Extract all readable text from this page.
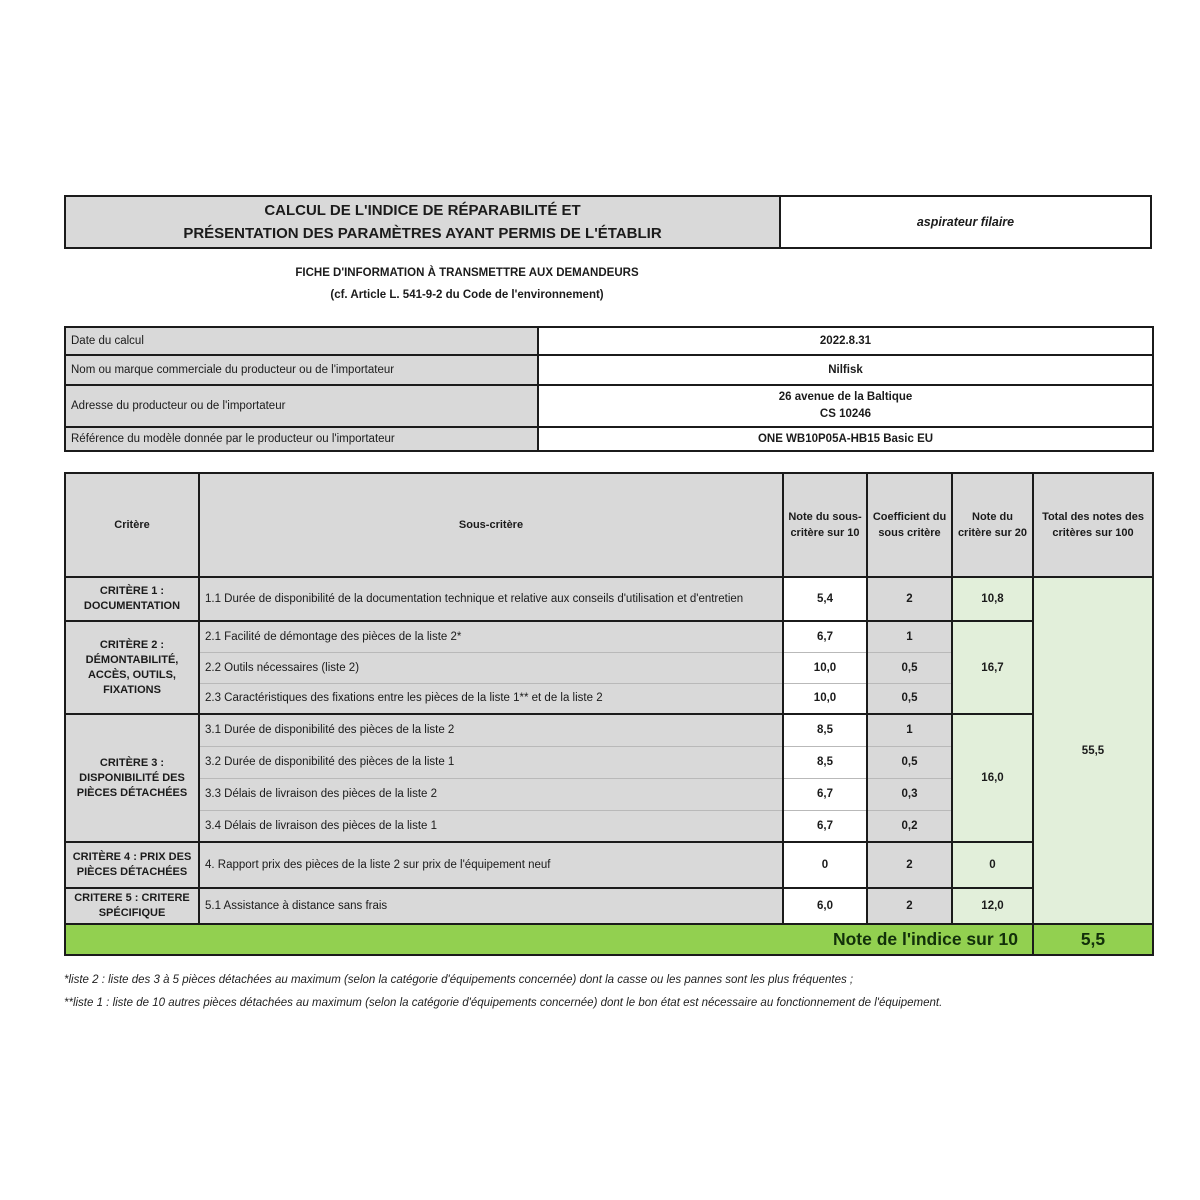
CALCUL DE L'INDICE DE RÉPARABILITÉ ET
PRÉSENTATION DES PARAMÈTRES AYANT PERMIS DE L'ÉTABLIR
aspirateur filaire
FICHE D'INFORMATION À TRANSMETTRE AUX DEMANDEURS
(cf. Article L. 541-9-2 du Code de l'environnement)
Date du calcul	2022.8.31
Nom ou marque commerciale du producteur ou de l'importateur	Nilfisk
Adresse du producteur ou de l'importateur	26 avenue de la Baltique
CS 10246

Référence du modèle donnée par le producteur ou l'importateur	ONE WB10P05A-HB15 Basic EU
Critère	Sous-critère	Note du sous-critère sur 10	Coefficient du sous critère	Note du critère sur 20	Total des notes des critères sur 100
CRITÈRE 1 : DOCUMENTATION	1.1 Durée de disponibilité de la documentation technique et relative aux conseils d'utilisation et d'entretien	5,4	2	10,8	55,5
CRITÈRE 2 : DÉMONTABILITÉ, ACCÈS, OUTILS, FIXATIONS	2.1 Facilité de démontage des pièces de la liste 2*	6,7	1	16,7	
	2.2 Outils nécessaires (liste 2)	10,0	0,5		
	2.3 Caractéristiques des fixations entre les pièces de la liste 1** et de la liste 2	10,0	0,5		
CRITÈRE 3 : DISPONIBILITÉ DES PIÈCES DÉTACHÉES	3.1 Durée de disponibilité des pièces de la liste 2	8,5	1	16,0	
	3.2 Durée de disponibilité des pièces de la liste 1	8,5	0,5		
	3.3 Délais de livraison des pièces de la liste 2	6,7	0,3		
	3.4 Délais de livraison des pièces de la liste 1	6,7	0,2		
CRITÈRE 4 : PRIX DES PIÈCES DÉTACHÉES	4. Rapport prix des pièces de la liste 2 sur prix de l'équipement neuf	0	2	0	
CRITERE 5 : CRITERE SPÉCIFIQUE	5.1 Assistance à distance sans frais	6,0	2	12,0	
Note de l'indice sur 10					5,5
*liste 2 : liste des 3 à 5 pièces détachées au maximum (selon la catégorie d'équipements concernée) dont la casse ou les pannes sont les plus fréquentes ;
**liste 1 : liste de 10 autres pièces détachées au maximum (selon la catégorie d'équipements concernée) dont le bon état est nécessaire au fonctionnement de l'équipement.
